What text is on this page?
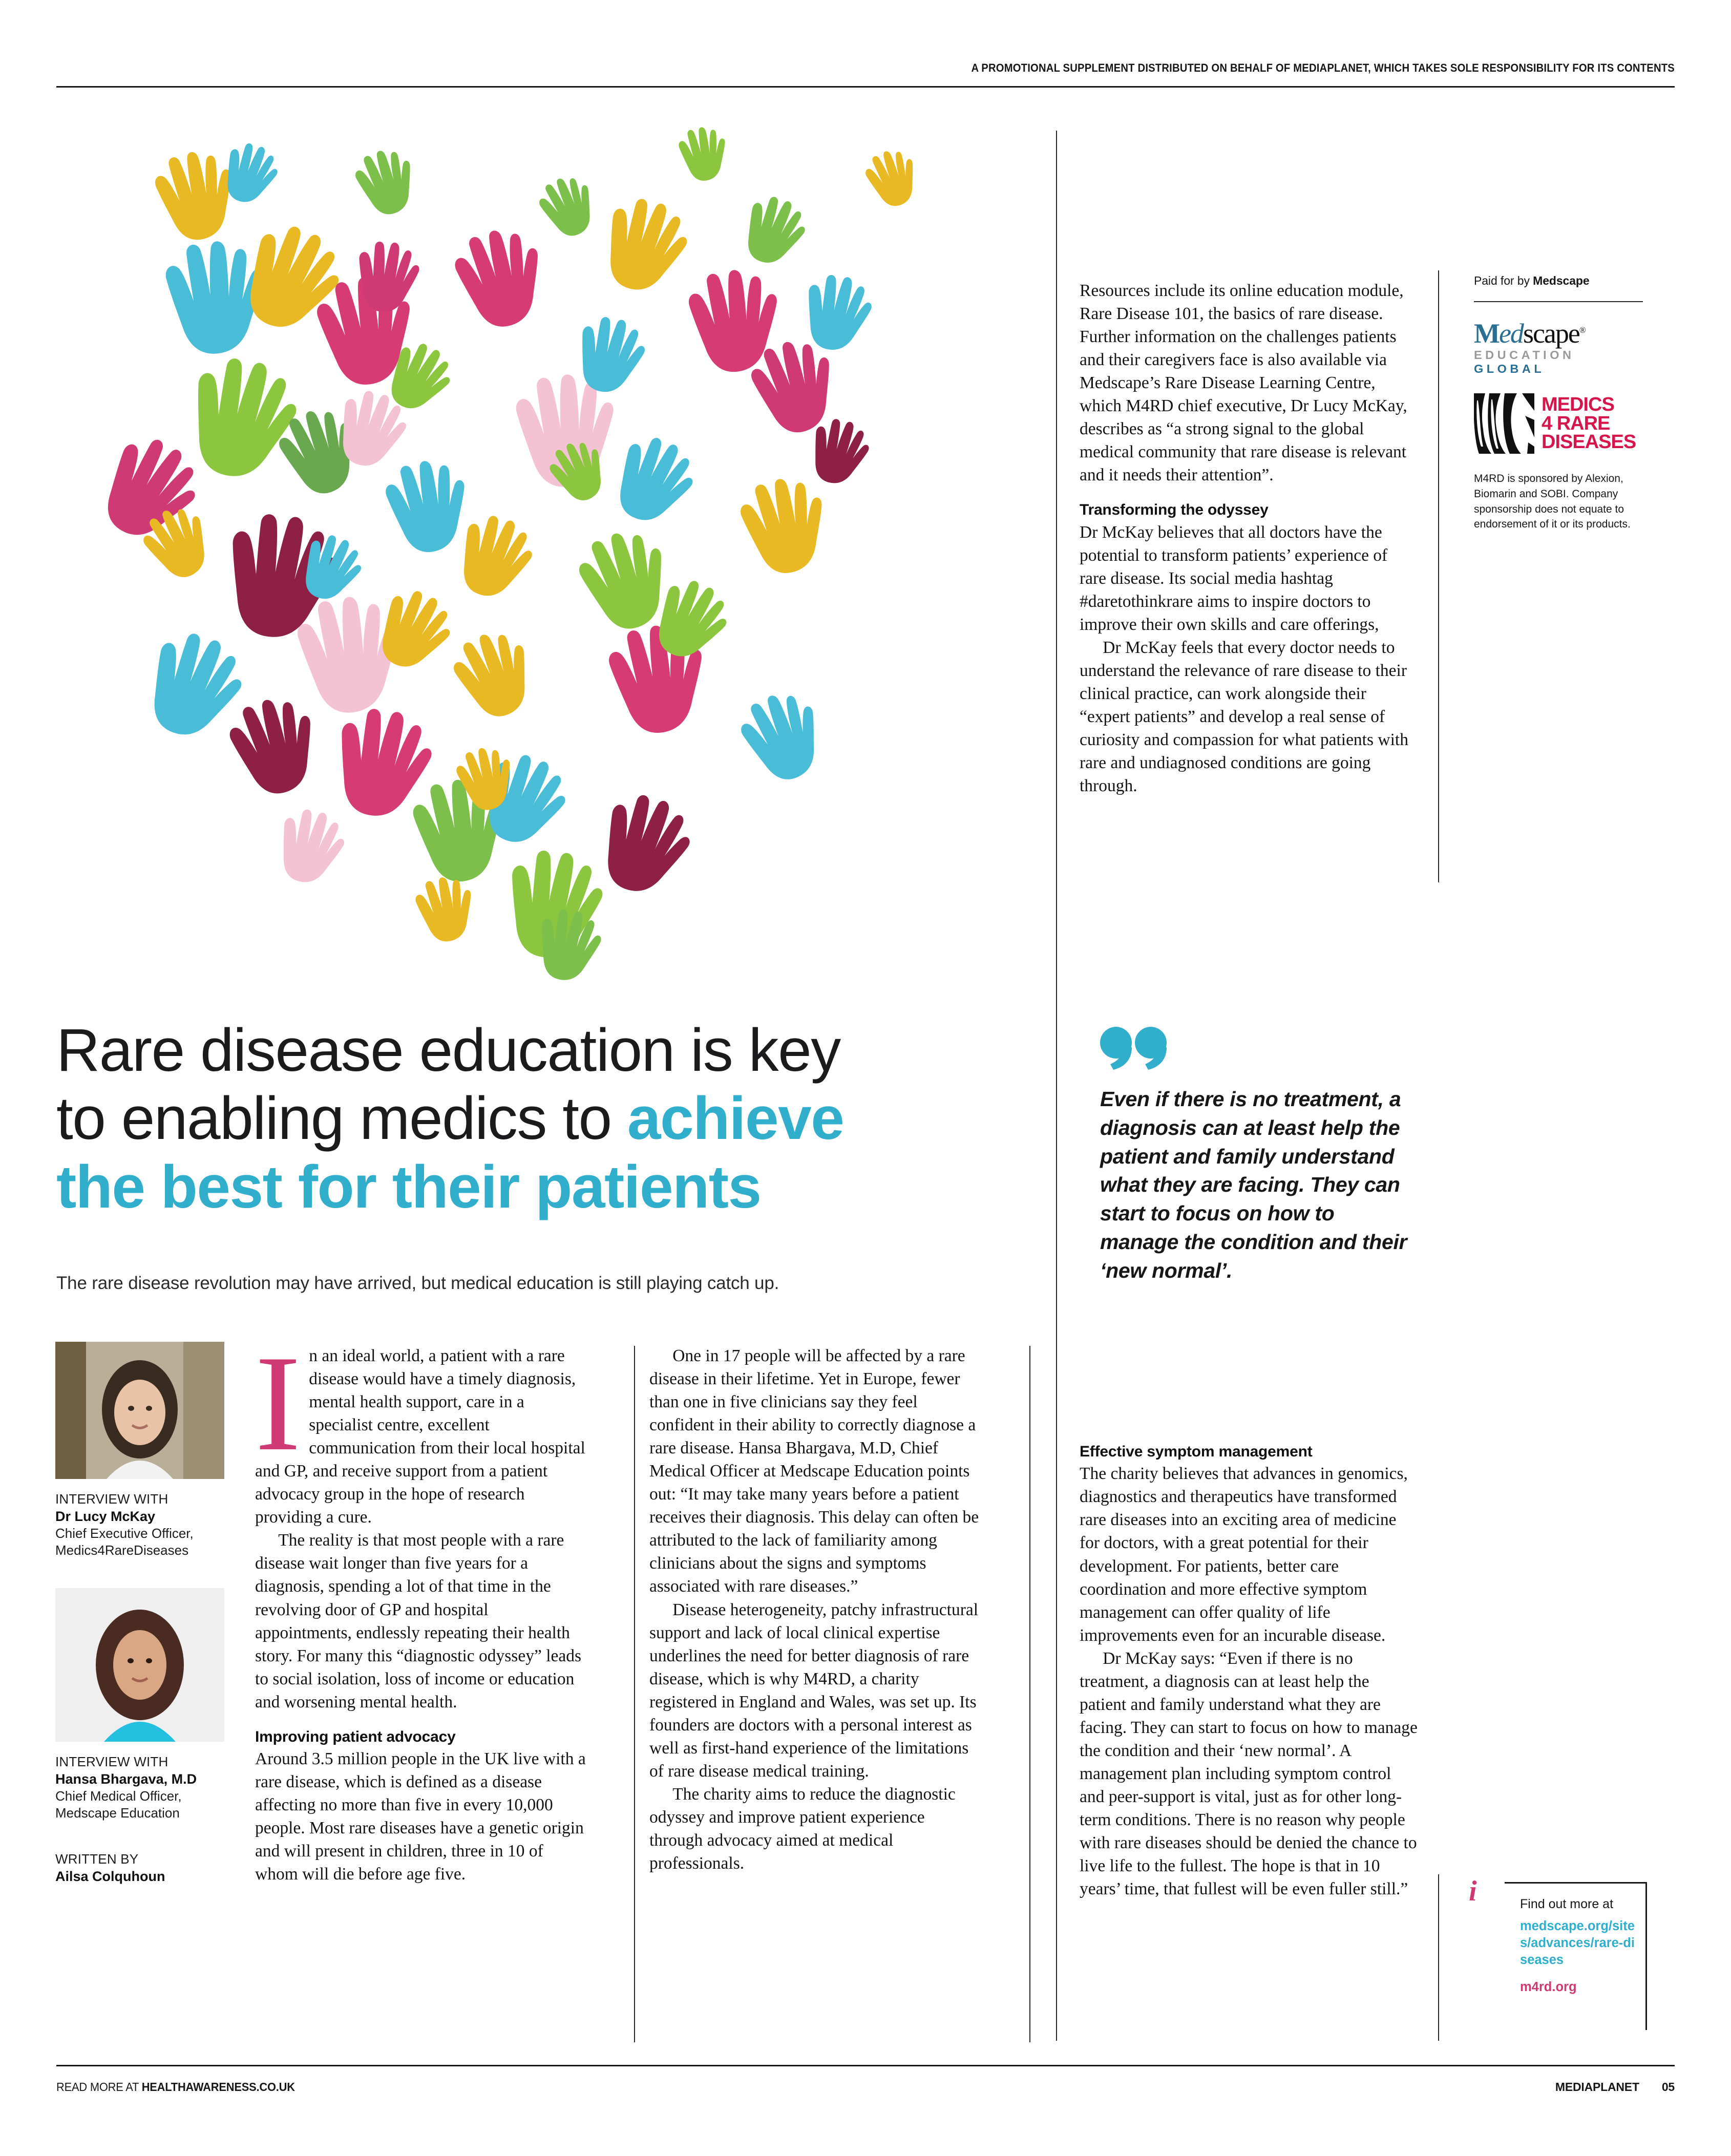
A PROMOTIONAL SUPPLEMENT DISTRIBUTED ON BEHALF OF MEDIAPLANET, WHICH TAKES SOLE RESPONSIBILITY FOR ITS CONTENTS
Rare disease education is key
to enabling medics to achieve
the best for their patients
The rare disease revolution may have arrived, but medical education is still playing catch up.
INTERVIEW WITH
Dr Lucy McKay
Chief Executive Officer,
Medics4RareDiseases
INTERVIEW WITH
Hansa Bhargava, M.D
Chief Medical Officer,
Medscape Education
WRITTEN BY
Ailsa Colquhoun

In an ideal world, a patient with a rare disease would have a timely diagnosis, mental health support, care in a specialist centre, excellent communication from their local hospital and GP, and receive support from a patient advocacy group in the hope of research providing a cure.

The reality is that most people with a rare disease wait longer than five years for a diagnosis, spending a lot of that time in the revolving door of GP and hospital appointments, endlessly repeating their health story. For many this “diagnostic odyssey” leads to social isolation, loss of income or education and worsening mental health.

Improving patient advocacy

Around 3.5 million people in the UK live with a rare disease, which is defined as a disease affecting no more than five in every 10,000 people. Most rare diseases have a genetic origin and will present in children, three in 10 of whom will die before age five.

One in 17 people will be affected by a rare disease in their lifetime. Yet in Europe, fewer than one in five clinicians say they feel confident in their ability to correctly diagnose a rare disease. Hansa Bhargava, M.D, Chief Medical Officer at Medscape Education points out: “It may take many years before a patient receives their diagnosis. This delay can often be attributed to the lack of familiarity among clinicians about the signs and symptoms associated with rare diseases.”

Disease heterogeneity, patchy infrastructural support and lack of local clinical expertise underlines the need for better diagnosis of rare disease, which is why M4RD, a charity registered in England and Wales, was set up. Its founders are doctors with a personal interest as well as first-hand experience of the limitations of rare disease medical training.

The charity aims to reduce the diagnostic odyssey and improve patient experience through advocacy aimed at medical professionals.

Resources include its online education module, Rare Disease 101, the basics of rare disease. Further information on the challenges patients and their caregivers face is also available via Medscape’s Rare Disease Learning Centre, which M4RD chief executive, Dr Lucy McKay, describes as “a strong signal to the global medical community that rare disease is relevant and it needs their attention”.

Transforming the odyssey

Dr McKay believes that all doctors have the potential to transform patients’ experience of rare disease. Its social media hashtag #daretothinkrare aims to inspire doctors to improve their own skills and care offerings,

Dr McKay feels that every doctor needs to understand the relevance of rare disease to their clinical practice, can work alongside their “expert patients” and develop a real sense of curiosity and compassion for what patients with rare and undiagnosed conditions are going through.

Even if there is no treatment, a diagnosis can at least help the patient and family understand what they are facing. They can start to focus on how to manage the condition and their ‘new normal’.
Effective symptom management

The charity believes that advances in genomics, diagnostics and therapeutics have transformed rare diseases into an exciting area of medicine for doctors, with a great potential for their development. For patients, better care coordination and more effective symptom management can offer quality of life improvements even for an incurable disease.

Dr McKay says: “Even if there is no treatment, a diagnosis can at least help the patient and family understand what they are facing. They can start to focus on how to manage the condition and their ‘new normal’. A management plan including symptom control and peer-support is vital, just as for other long-term conditions. There is no reason why people with rare diseases should be denied the chance to live life to the fullest. The hope is that in 10 years’ time, that fullest will be even fuller still.”

Paid for by Medscape
Medscape®
EDUCATION GLOBAL
MEDICS
4 RARE
DISEASES
M4RD is sponsored by Alexion, Biomarin and SOBI. Company sponsorship does not equate to endorsement of it or its products.
i	Find out more at
medscape.org/sites/advances/rare-diseases
m4rd.org
READ MORE AT HEALTHAWARENESS.CO.UK	MEDIAPLANET 05
